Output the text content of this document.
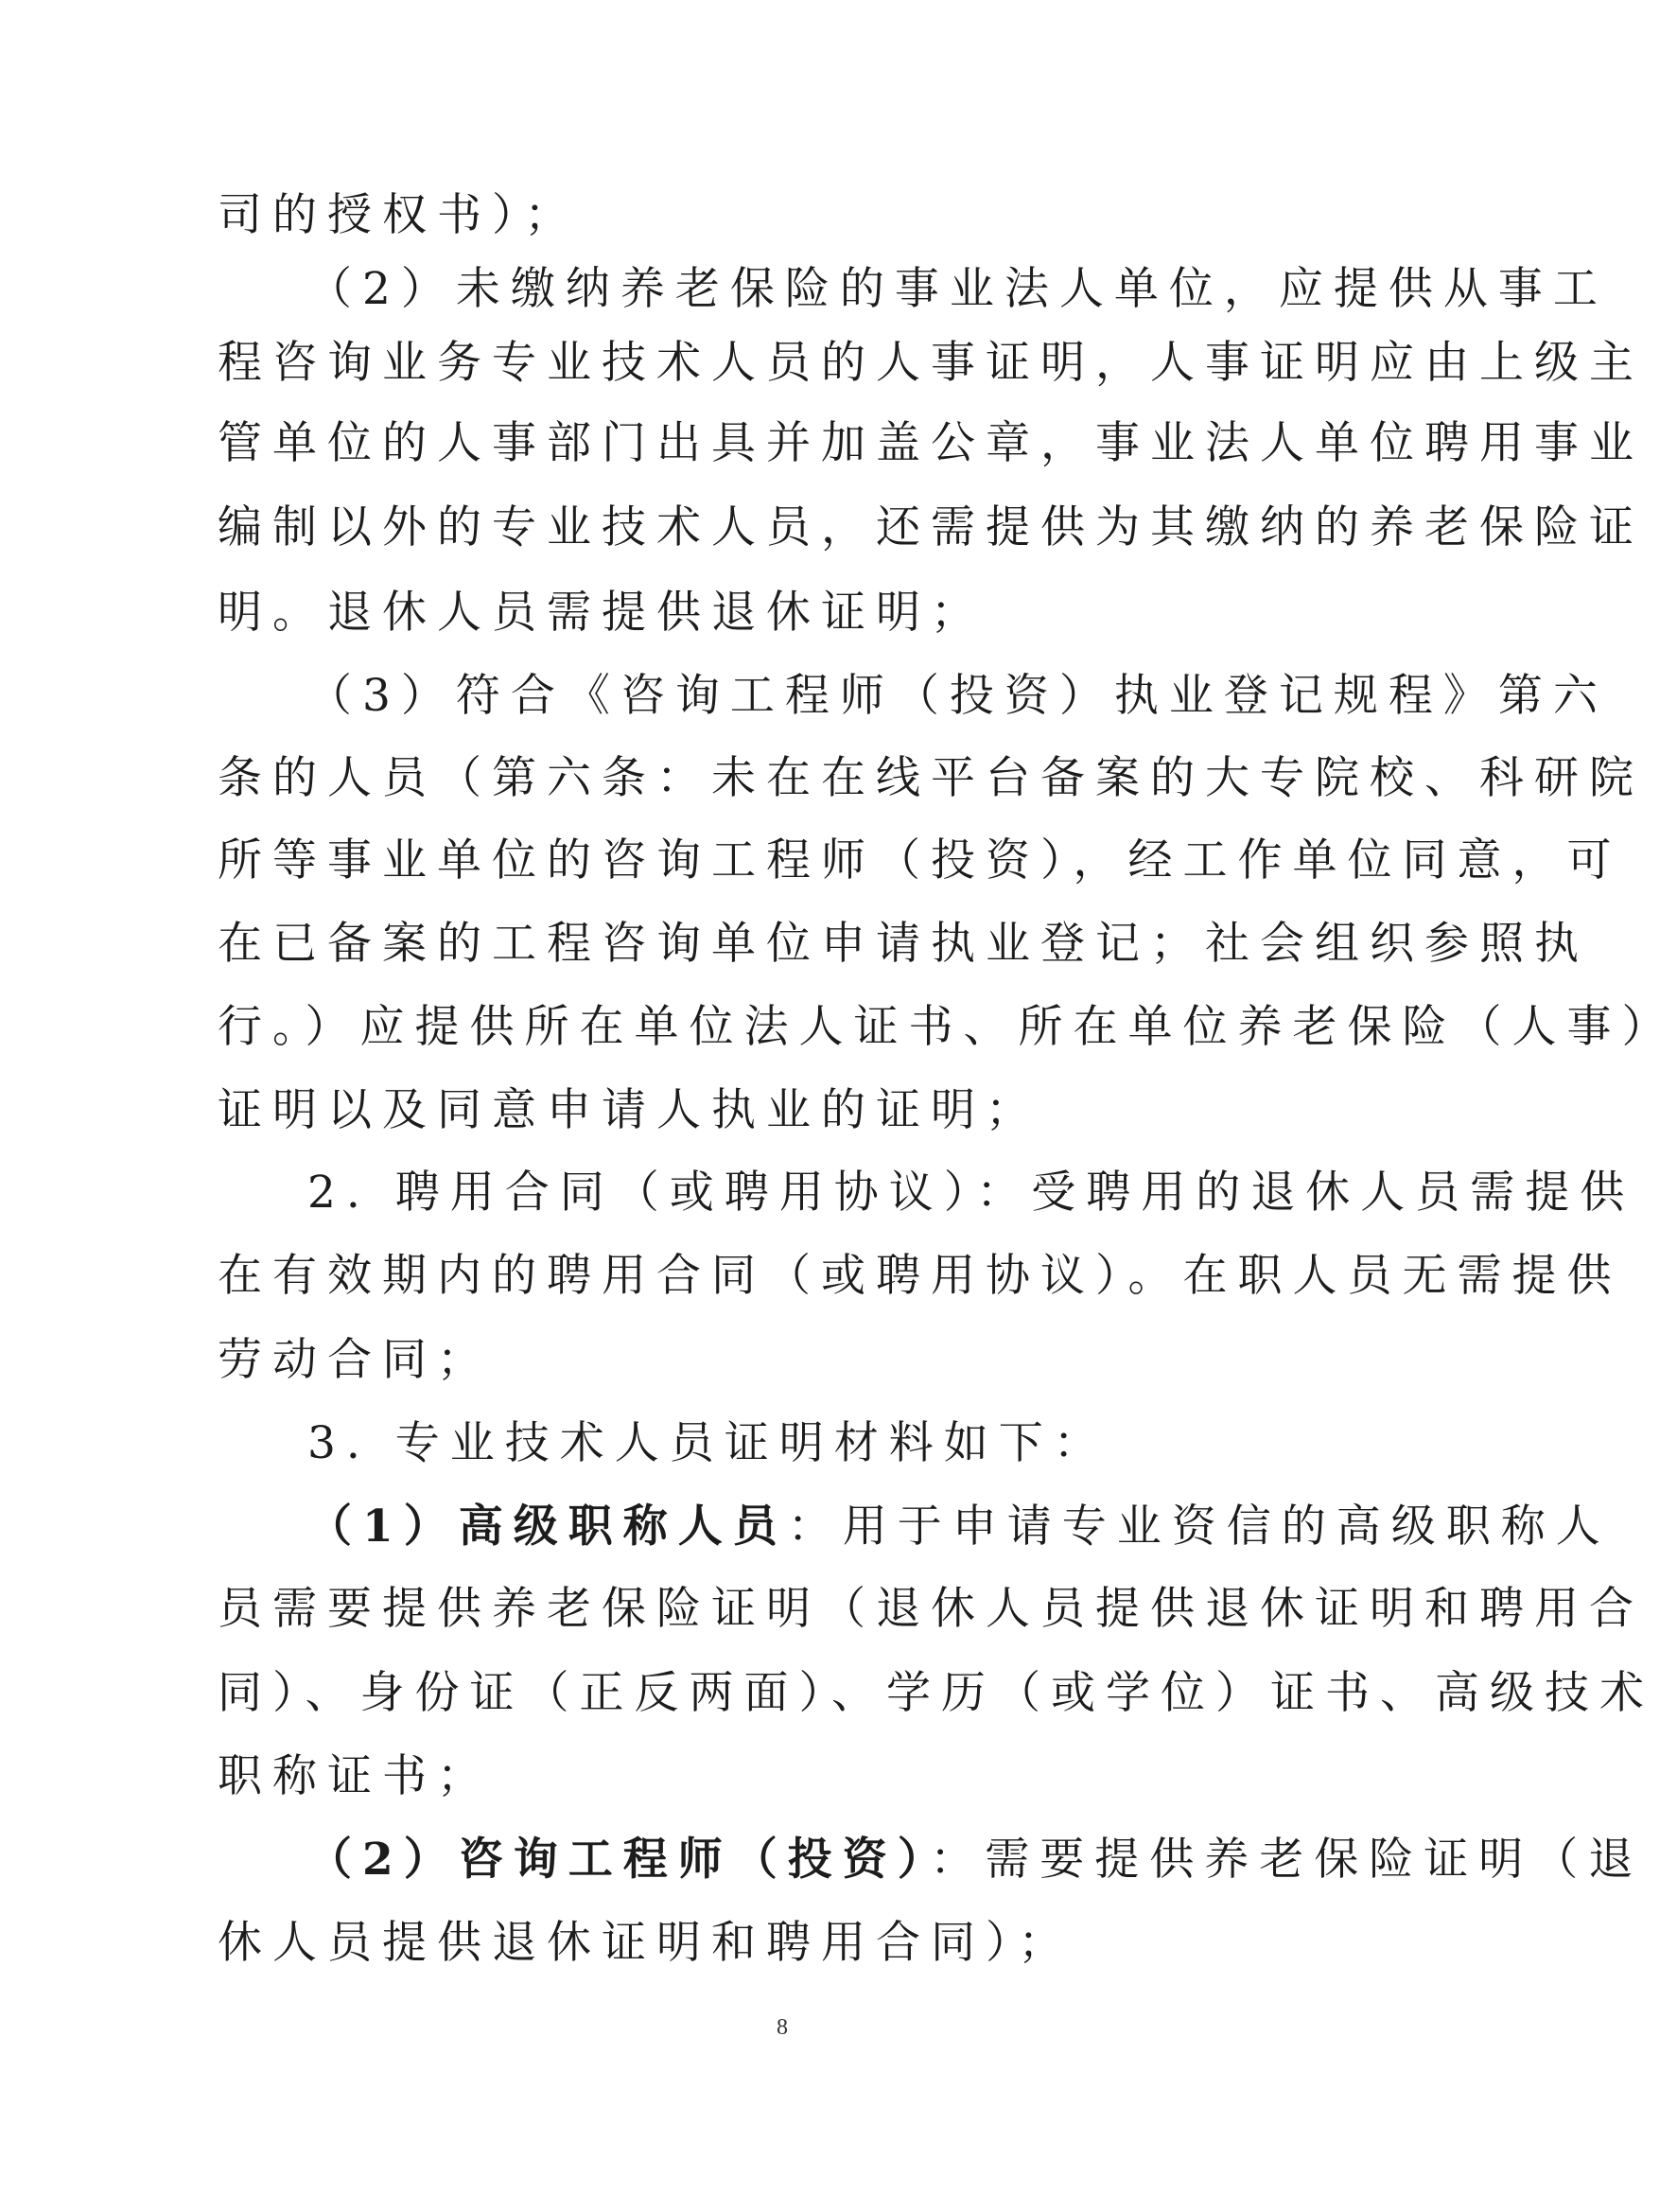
司的授权书）；
（2）未缴纳养老保险的事业法人单位，应提供从事工
程咨询业务专业技术人员的人事证明，人事证明应由上级主
管单位的人事部门出具并加盖公章，事业法人单位聘用事业
编制以外的专业技术人员，还需提供为其缴纳的养老保险证
明。退休人员需提供退休证明；
（3）符合《咨询工程师（投资）执业登记规程》第六
条的人员（第六条：未在在线平台备案的大专院校、科研院
所等事业单位的咨询工程师（投资），经工作单位同意，可
在已备案的工程咨询单位申请执业登记；社会组织参照执
行。）应提供所在单位法人证书、所在单位养老保险（人事）
证明以及同意申请人执业的证明；
2. 聘用合同（或聘用协议）：受聘用的退休人员需提供
在有效期内的聘用合同（或聘用协议）。在职人员无需提供
劳动合同；
3. 专业技术人员证明材料如下：
（1）高级职称人员：用于申请专业资信的高级职称人
员需要提供养老保险证明（退休人员提供退休证明和聘用合
同）、身份证（正反两面）、学历（或学位）证书、高级技术
职称证书；
（2）咨询工程师（投资）：需要提供养老保险证明（退
休人员提供退休证明和聘用合同）；
8
